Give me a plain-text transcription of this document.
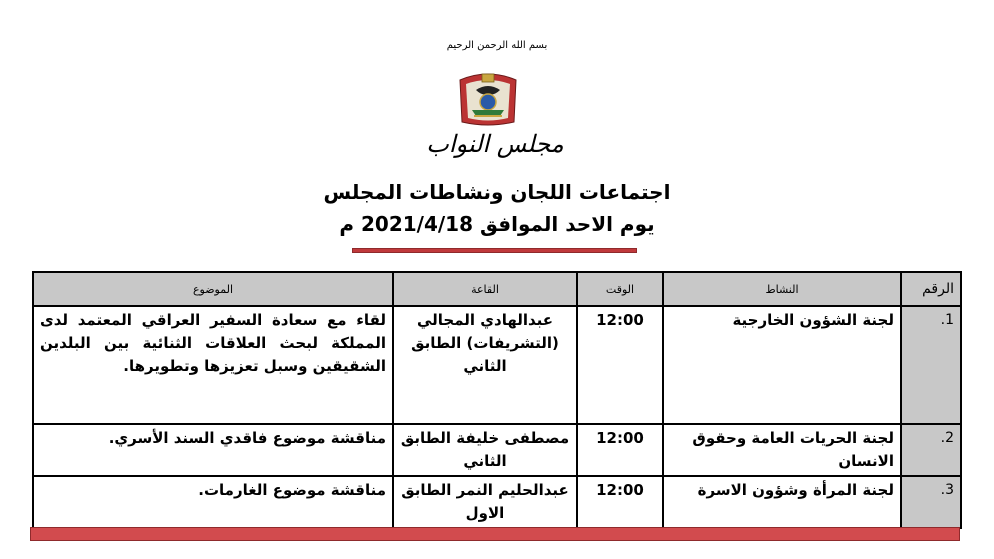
بسم الله الرحمن الرحيم
مجلس النواب
اجتماعات اللجان ونشاطات المجلس
يوم الاحد الموافق 2021/4/18 م
الرقم	النشاط	الوقت	القاعة	الموضوع
1.	لجنة الشؤون الخارجية	12:00	عبدالهادي المجالي (التشريفات) الطابق الثاني	لقاء مع سعادة السفير العراقي المعتمد لدى المملكة لبحث العلاقات الثنائية بين البلدين الشقيقين وسبل تعزيزها وتطويرها.
2.	لجنة الحريات العامة وحقوق الانسان	12:00	مصطفى خليفة الطابق الثاني	مناقشة موضوع فاقدي السند الأسري.
3.	لجنة المرأة وشؤون الاسرة	12:00	عبدالحليم النمر الطابق الاول	مناقشة موضوع الغارمات.
